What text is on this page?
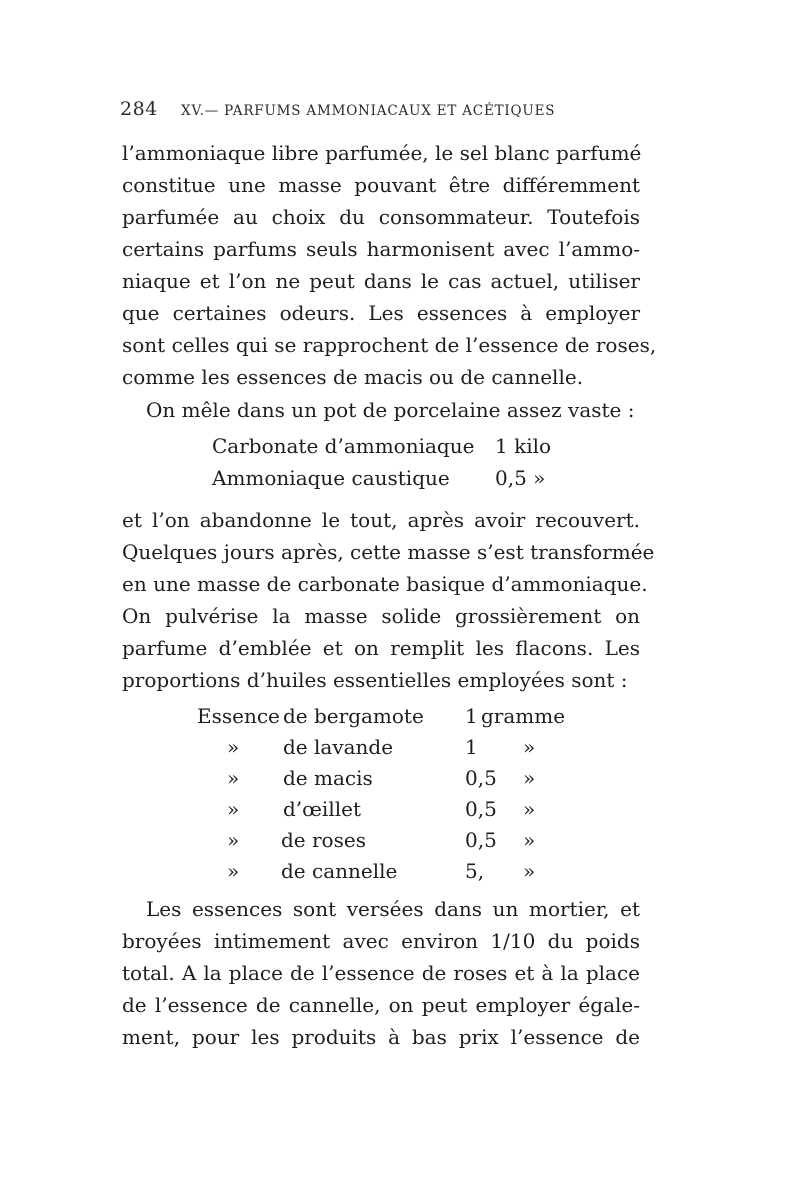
284 XV.— PARFUMS AMMONIACAUX ET ACÉTIQUES
l’ammoniaque libre parfumée, le sel blanc parfumé
constitue une masse pouvant être différemment
parfumée au choix du consommateur. Toutefois
certains parfums seuls harmonisent avec l’ammo-
niaque et l’on ne peut dans le cas actuel, utiliser
que certaines odeurs. Les essences à employer
sont celles qui se rapprochent de l’essence de roses,
comme les essences de macis ou de cannelle.
On mêle dans un pot de porcelaine assez vaste :
Carbonate d’ammoniaque 1 kilo
Ammoniaque caustique 0,5 »
et l’on abandonne le tout, après avoir recouvert.
Quelques jours après, cette masse s’est transformée
en une masse de carbonate basique d’ammoniaque.
On pulvérise la masse solide grossièrement on
parfume d’emblée et on remplit les flacons. Les
proportions d’huiles essentielles employées sont :
Essence de bergamote 1 gramme
» de lavande	1 »
» de macis	0,5 »
» d’œillet	0,5 »
» de roses	0,5 »
» de cannelle	5, »
Les essences sont versées dans un mortier, et
broyées intimement avec environ 1/10 du poids
total. A la place de l’essence de roses et à la place
de l’essence de cannelle, on peut employer égale-
ment, pour les produits à bas prix l’essence de
